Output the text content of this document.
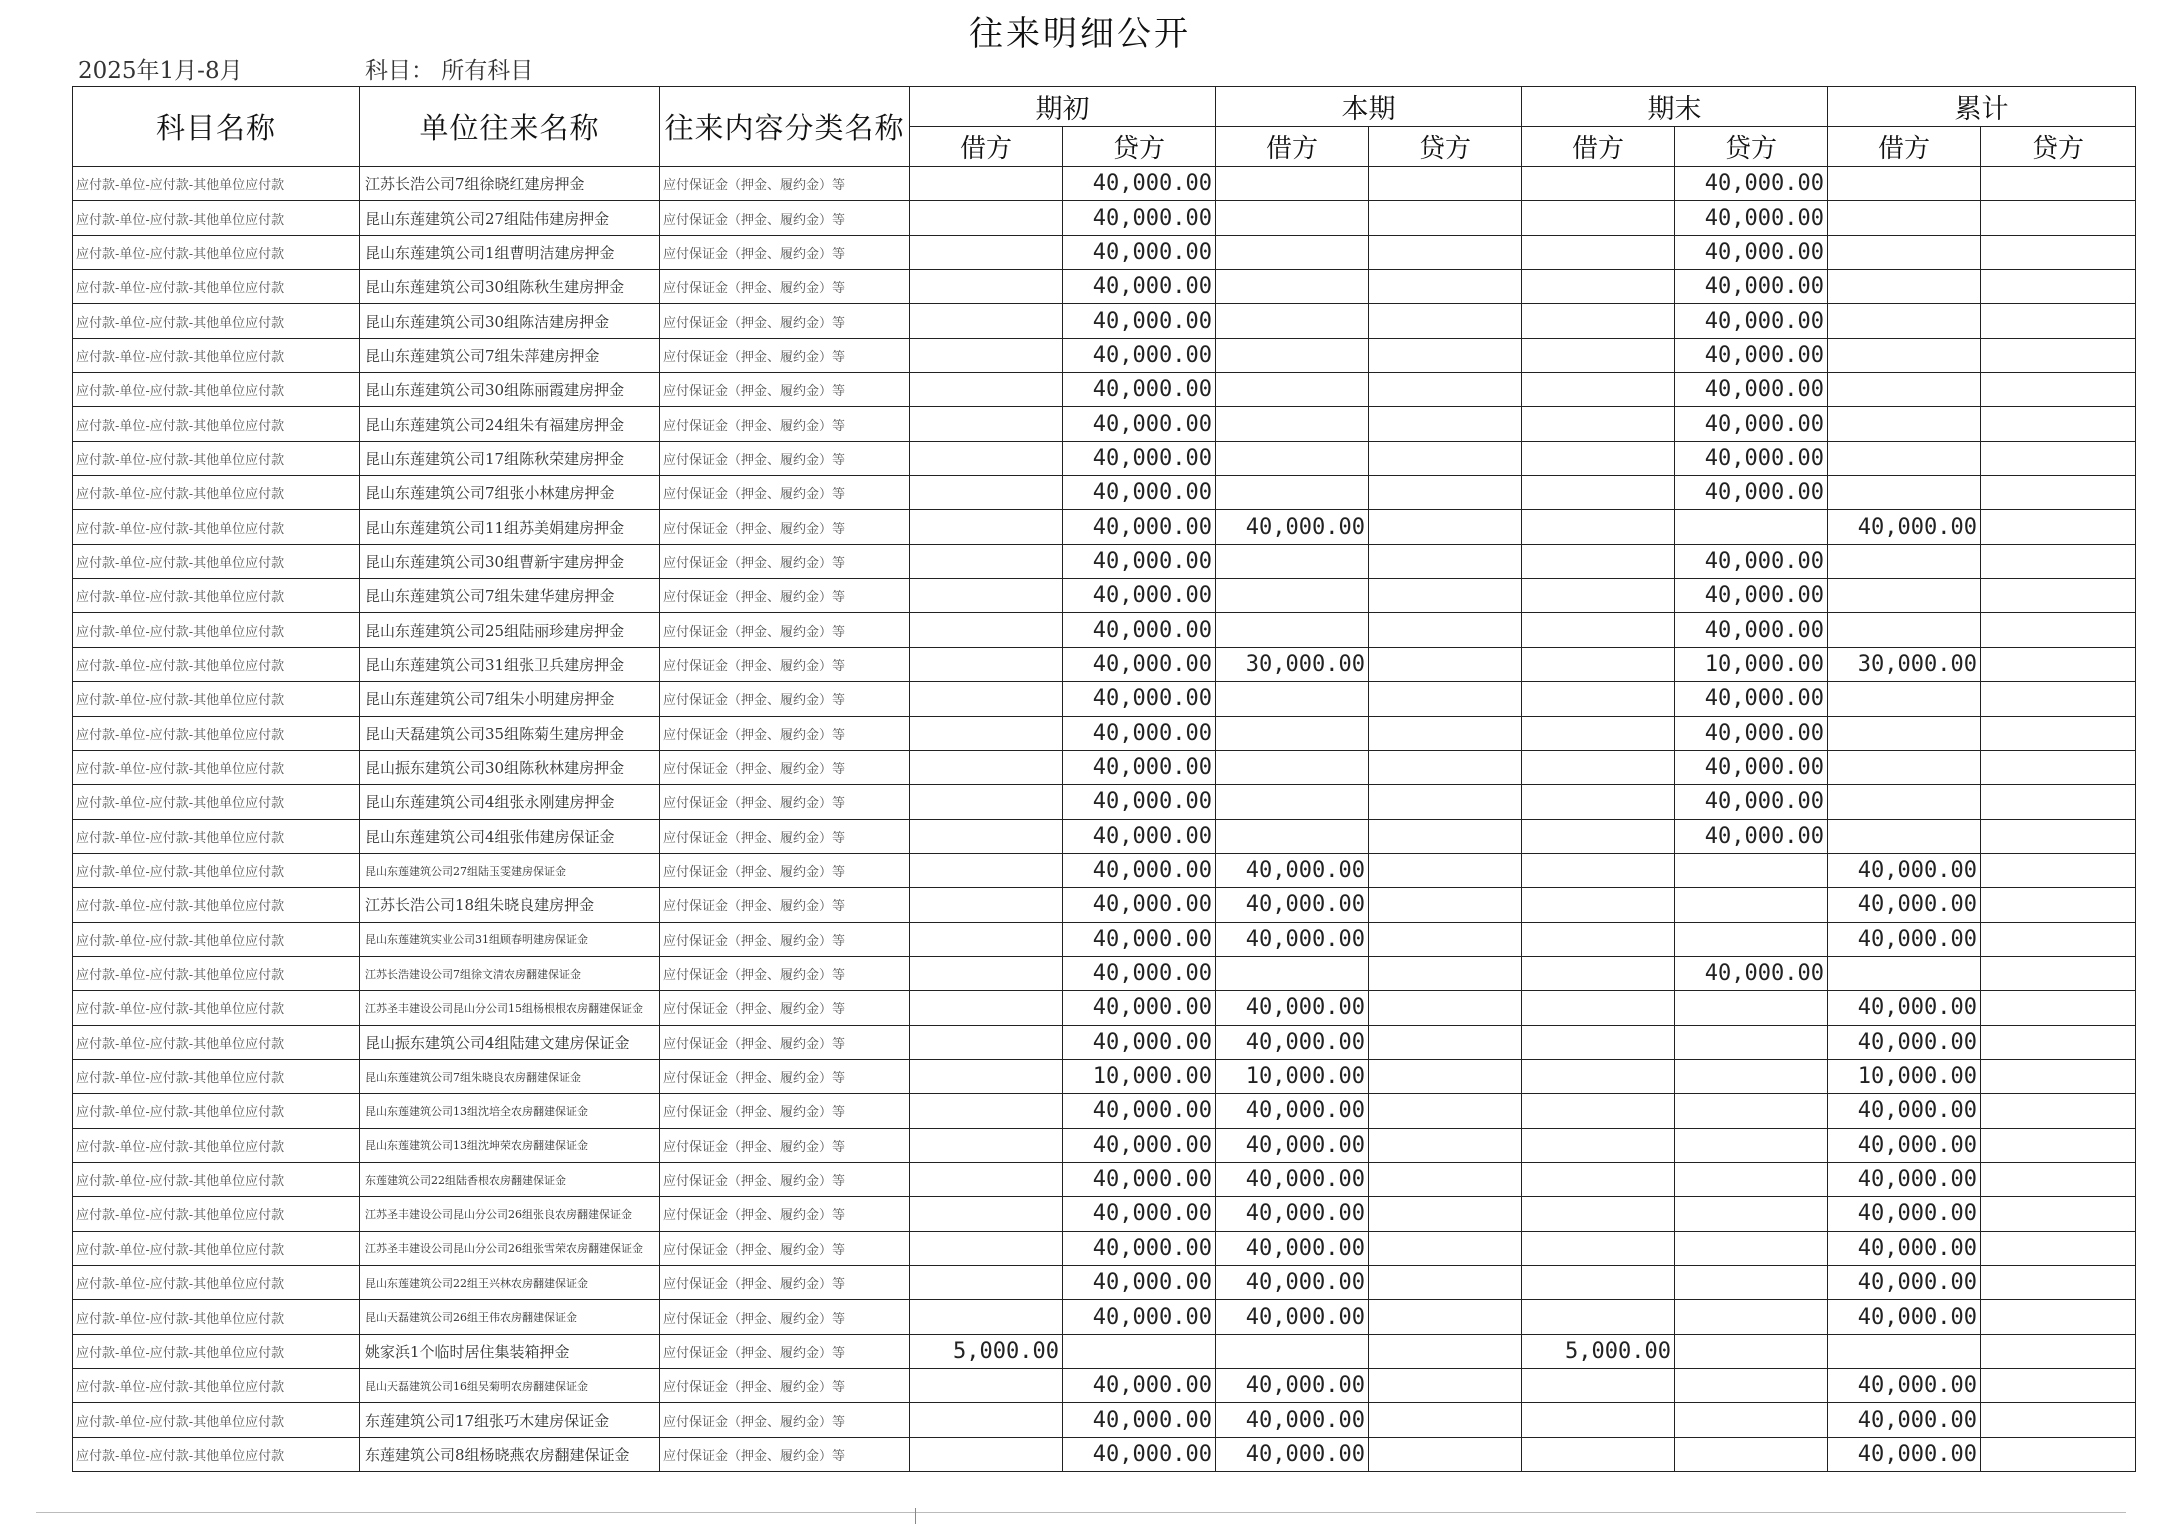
往来明细公开
2025年1月-8月	科目： 所有科目
科目名称	单位往来名称	往来内容分类名称	期初		本期		期末		累计	
			借方	贷方	借方	贷方	借方	贷方	借方	贷方
应付款-单位-应付款-其他单位应付款	江苏长浩公司7组徐晓红建房押金	应付保证金（押金、履约金）等		40,000.00				40,000.00		
应付款-单位-应付款-其他单位应付款	昆山东莲建筑公司27组陆伟建房押金	应付保证金（押金、履约金）等		40,000.00				40,000.00		
应付款-单位-应付款-其他单位应付款	昆山东莲建筑公司1组曹明洁建房押金	应付保证金（押金、履约金）等		40,000.00				40,000.00		
应付款-单位-应付款-其他单位应付款	昆山东莲建筑公司30组陈秋生建房押金	应付保证金（押金、履约金）等		40,000.00				40,000.00		
应付款-单位-应付款-其他单位应付款	昆山东莲建筑公司30组陈洁建房押金	应付保证金（押金、履约金）等		40,000.00				40,000.00		
应付款-单位-应付款-其他单位应付款	昆山东莲建筑公司7组朱萍建房押金	应付保证金（押金、履约金）等		40,000.00				40,000.00		
应付款-单位-应付款-其他单位应付款	昆山东莲建筑公司30组陈丽霞建房押金	应付保证金（押金、履约金）等		40,000.00				40,000.00		
应付款-单位-应付款-其他单位应付款	昆山东莲建筑公司24组朱有福建房押金	应付保证金（押金、履约金）等		40,000.00				40,000.00		
应付款-单位-应付款-其他单位应付款	昆山东莲建筑公司17组陈秋荣建房押金	应付保证金（押金、履约金）等		40,000.00				40,000.00		
应付款-单位-应付款-其他单位应付款	昆山东莲建筑公司7组张小林建房押金	应付保证金（押金、履约金）等		40,000.00				40,000.00		
应付款-单位-应付款-其他单位应付款	昆山东莲建筑公司11组苏美娟建房押金	应付保证金（押金、履约金）等		40,000.00	40,000.00				40,000.00	
应付款-单位-应付款-其他单位应付款	昆山东莲建筑公司30组曹新宇建房押金	应付保证金（押金、履约金）等		40,000.00				40,000.00		
应付款-单位-应付款-其他单位应付款	昆山东莲建筑公司7组朱建华建房押金	应付保证金（押金、履约金）等		40,000.00				40,000.00		
应付款-单位-应付款-其他单位应付款	昆山东莲建筑公司25组陆丽珍建房押金	应付保证金（押金、履约金）等		40,000.00				40,000.00		
应付款-单位-应付款-其他单位应付款	昆山东莲建筑公司31组张卫兵建房押金	应付保证金（押金、履约金）等		40,000.00	30,000.00			10,000.00	30,000.00	
应付款-单位-应付款-其他单位应付款	昆山东莲建筑公司7组朱小明建房押金	应付保证金（押金、履约金）等		40,000.00				40,000.00		
应付款-单位-应付款-其他单位应付款	昆山天磊建筑公司35组陈菊生建房押金	应付保证金（押金、履约金）等		40,000.00				40,000.00		
应付款-单位-应付款-其他单位应付款	昆山振东建筑公司30组陈秋林建房押金	应付保证金（押金、履约金）等		40,000.00				40,000.00		
应付款-单位-应付款-其他单位应付款	昆山东莲建筑公司4组张永刚建房押金	应付保证金（押金、履约金）等		40,000.00				40,000.00		
应付款-单位-应付款-其他单位应付款	昆山东莲建筑公司4组张伟建房保证金	应付保证金（押金、履约金）等		40,000.00				40,000.00		
应付款-单位-应付款-其他单位应付款	昆山东莲建筑公司27组陆玉雯建房保证金	应付保证金（押金、履约金）等		40,000.00	40,000.00				40,000.00	
应付款-单位-应付款-其他单位应付款	江苏长浩公司18组朱晓良建房押金	应付保证金（押金、履约金）等		40,000.00	40,000.00				40,000.00	
应付款-单位-应付款-其他单位应付款	昆山东莲建筑实业公司31组顾春明建房保证金	应付保证金（押金、履约金）等		40,000.00	40,000.00				40,000.00	
应付款-单位-应付款-其他单位应付款	江苏长浩建设公司7组徐文清农房翻建保证金	应付保证金（押金、履约金）等		40,000.00				40,000.00		
应付款-单位-应付款-其他单位应付款	江苏圣丰建设公司昆山分公司15组杨根根农房翻建保证金	应付保证金（押金、履约金）等		40,000.00	40,000.00				40,000.00	
应付款-单位-应付款-其他单位应付款	昆山振东建筑公司4组陆建文建房保证金	应付保证金（押金、履约金）等		40,000.00	40,000.00				40,000.00	
应付款-单位-应付款-其他单位应付款	昆山东莲建筑公司7组朱晓良农房翻建保证金	应付保证金（押金、履约金）等		10,000.00	10,000.00				10,000.00	
应付款-单位-应付款-其他单位应付款	昆山东莲建筑公司13组沈培全农房翻建保证金	应付保证金（押金、履约金）等		40,000.00	40,000.00				40,000.00	
应付款-单位-应付款-其他单位应付款	昆山东莲建筑公司13组沈坤荣农房翻建保证金	应付保证金（押金、履约金）等		40,000.00	40,000.00				40,000.00	
应付款-单位-应付款-其他单位应付款	东莲建筑公司22组陆香根农房翻建保证金	应付保证金（押金、履约金）等		40,000.00	40,000.00				40,000.00	
应付款-单位-应付款-其他单位应付款	江苏圣丰建设公司昆山分公司26组张良农房翻建保证金	应付保证金（押金、履约金）等		40,000.00	40,000.00				40,000.00	
应付款-单位-应付款-其他单位应付款	江苏圣丰建设公司昆山分公司26组张雪荣农房翻建保证金	应付保证金（押金、履约金）等		40,000.00	40,000.00				40,000.00	
应付款-单位-应付款-其他单位应付款	昆山东莲建筑公司22组王兴林农房翻建保证金	应付保证金（押金、履约金）等		40,000.00	40,000.00				40,000.00	
应付款-单位-应付款-其他单位应付款	昆山天磊建筑公司26组王伟农房翻建保证金	应付保证金（押金、履约金）等		40,000.00	40,000.00				40,000.00	
应付款-单位-应付款-其他单位应付款	姚家浜1个临时居住集装箱押金	应付保证金（押金、履约金）等	5,000.00				5,000.00			
应付款-单位-应付款-其他单位应付款	昆山天磊建筑公司16组吴菊明农房翻建保证金	应付保证金（押金、履约金）等		40,000.00	40,000.00				40,000.00	
应付款-单位-应付款-其他单位应付款	东莲建筑公司17组张巧木建房保证金	应付保证金（押金、履约金）等		40,000.00	40,000.00				40,000.00	
应付款-单位-应付款-其他单位应付款	东莲建筑公司8组杨晓燕农房翻建保证金	应付保证金（押金、履约金）等		40,000.00	40,000.00				40,000.00	
